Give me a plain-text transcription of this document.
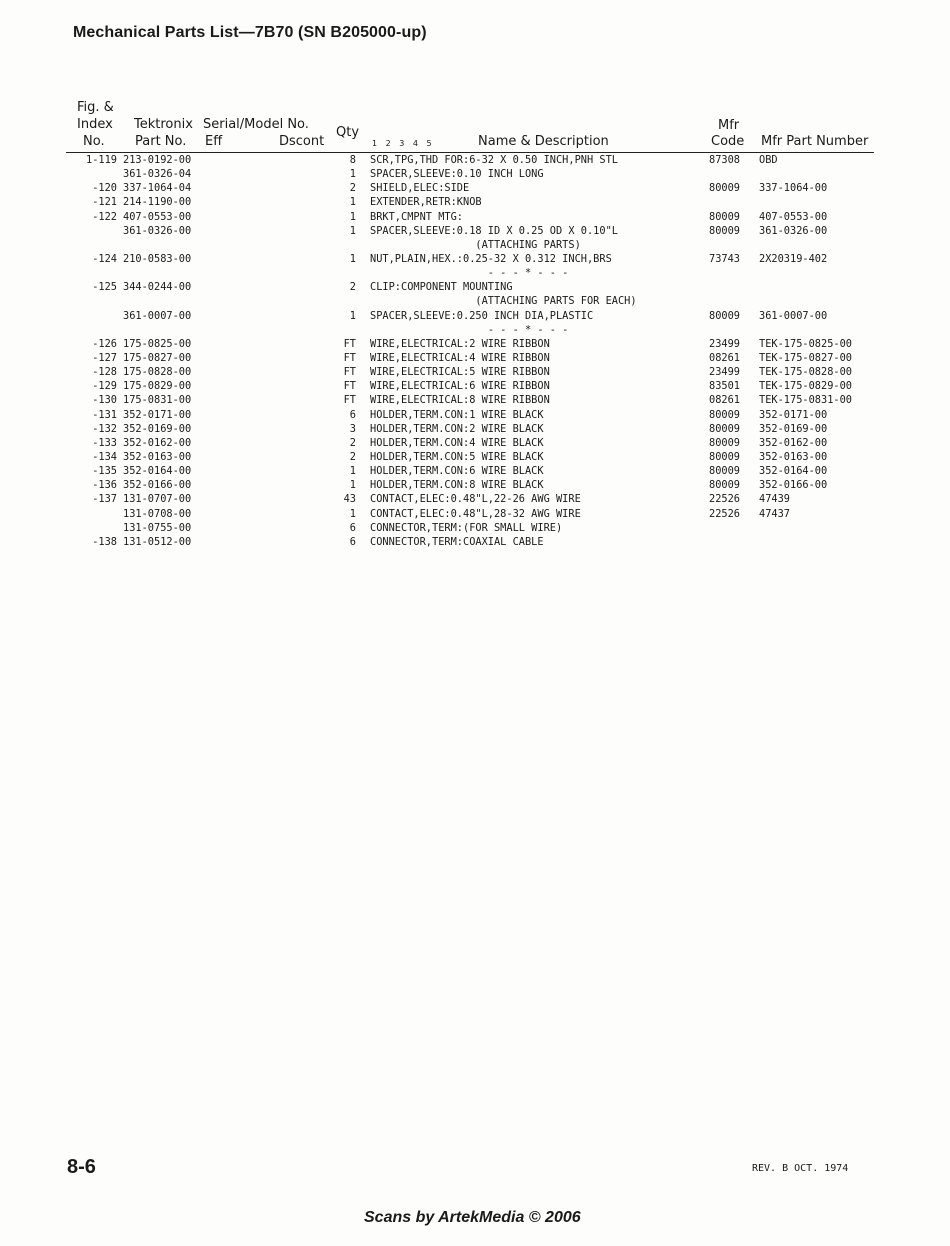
Mechanical Parts List—7B70 (SN B205000-up)
Fig. &
Index
No.
Tektronix
Part No.
Serial/Model No.
Eff	Dscont
Qty
1 2 3 4 5	Name & Description
Mfr
Code Mfr Part Number
1-119 213-0192-00	8 SCR,TPG,THD FOR:6-32 X 0.50 INCH,PNH STL	87308 OBD
361-0326-04	1 SPACER,SLEEVE:0.10 INCH LONG
-120 337-1064-04	2 SHIELD,ELEC:SIDE	80009 337-1064-00
-121 214-1190-00	1 EXTENDER,RETR:KNOB
-122 407-0553-00	1 BRKT,CMPNT MTG:	80009 407-0553-00
361-0326-00	1 SPACER,SLEEVE:0.18 ID X 0.25 OD X 0.10"L	80009 361-0326-00
(ATTACHING PARTS)
-124 210-0583-00	1 NUT,PLAIN,HEX.:0.25-32 X 0.312 INCH,BRS	73743 2X20319-402
- - - * - - -
-125 344-0244-00	2 CLIP:COMPONENT MOUNTING
(ATTACHING PARTS FOR EACH)
361-0007-00	1 SPACER,SLEEVE:0.250 INCH DIA,PLASTIC	80009 361-0007-00
- - - * - - -
-126 175-0825-00	FT WIRE,ELECTRICAL:2 WIRE RIBBON	23499 TEK-175-0825-00
-127 175-0827-00	FT WIRE,ELECTRICAL:4 WIRE RIBBON	08261 TEK-175-0827-00
-128 175-0828-00	FT WIRE,ELECTRICAL:5 WIRE RIBBON	23499 TEK-175-0828-00
-129 175-0829-00	FT WIRE,ELECTRICAL:6 WIRE RIBBON	83501 TEK-175-0829-00
-130 175-0831-00	FT WIRE,ELECTRICAL:8 WIRE RIBBON	08261 TEK-175-0831-00
-131 352-0171-00	6 HOLDER,TERM.CON:1 WIRE BLACK	80009 352-0171-00
-132 352-0169-00	3 HOLDER,TERM.CON:2 WIRE BLACK	80009 352-0169-00
-133 352-0162-00	2 HOLDER,TERM.CON:4 WIRE BLACK	80009 352-0162-00
-134 352-0163-00	2 HOLDER,TERM.CON:5 WIRE BLACK	80009 352-0163-00
-135 352-0164-00	1 HOLDER,TERM.CON:6 WIRE BLACK	80009 352-0164-00
-136 352-0166-00	1 HOLDER,TERM.CON:8 WIRE BLACK	80009 352-0166-00
-137 131-0707-00	43 CONTACT,ELEC:0.48"L,22-26 AWG WIRE	22526 47439
131-0708-00	1 CONTACT,ELEC:0.48"L,28-32 AWG WIRE	22526 47437
131-0755-00	6 CONNECTOR,TERM:(FOR SMALL WIRE)
-138 131-0512-00	6 CONNECTOR,TERM:COAXIAL CABLE
8-6	REV. B OCT. 1974
Scans by ArtekMedia © 2006
